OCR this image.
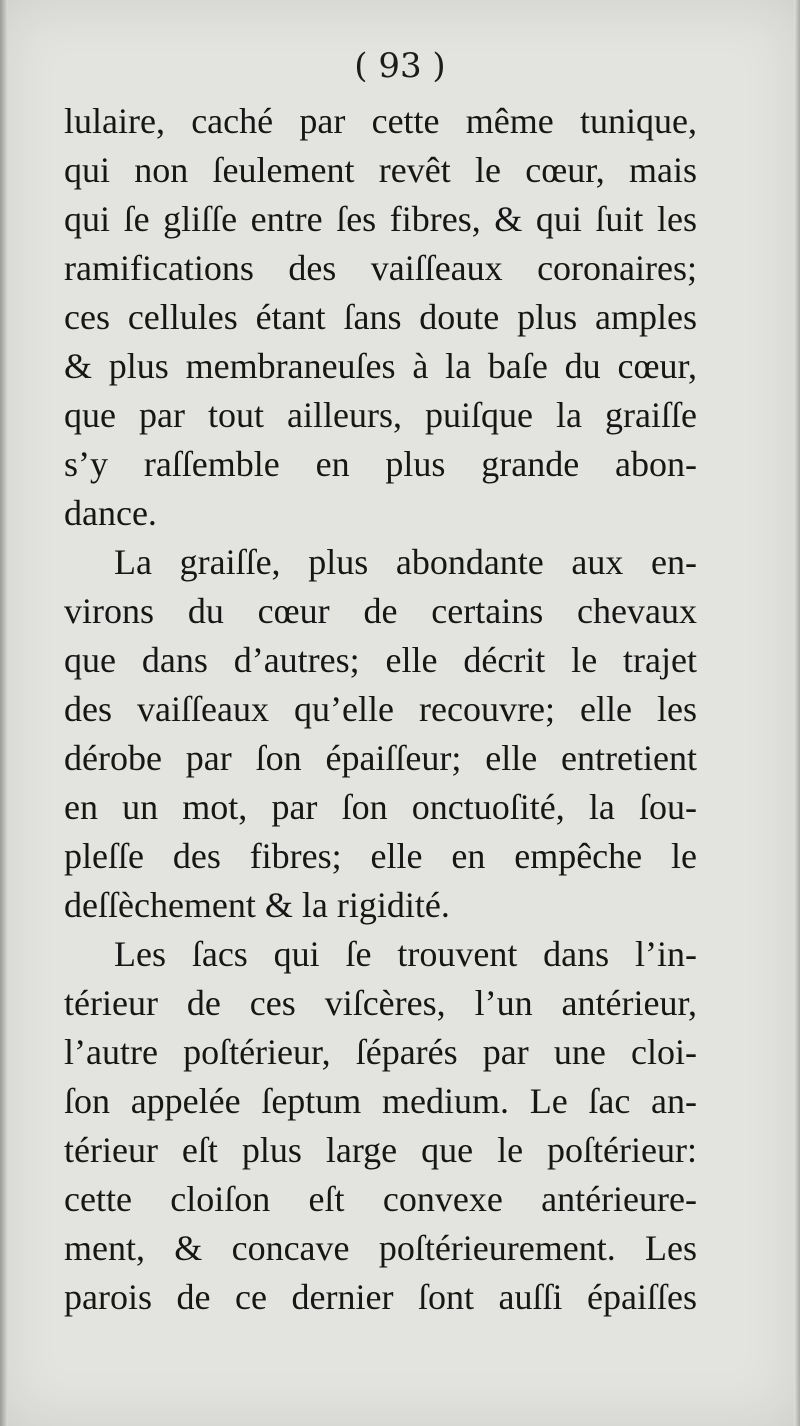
( 93 )
lulaire, caché par cette même tunique,
qui non ſeulement revêt le cœur, mais
qui ſe gliſſe entre ſes fibres, & qui ſuit les
ramifications des vaiſſeaux coronaires;
ces cellules étant ſans doute plus amples
& plus membraneuſes à la baſe du cœur,
que par tout ailleurs, puiſque la graiſſe
s’y raſſemble en plus grande abon-
dance.
La graiſſe, plus abondante aux en-
virons du cœur de certains chevaux
que dans d’autres; elle décrit le trajet
des vaiſſeaux qu’elle recouvre; elle les
dérobe par ſon épaiſſeur; elle entretient
en un mot, par ſon onctuoſité, la ſou-
pleſſe des fibres; elle en empêche le
deſſèchement & la rigidité.
Les ſacs qui ſe trouvent dans l’in-
térieur de ces viſcères, l’un antérieur,
l’autre poſtérieur, ſéparés par une cloi-
ſon appelée ſeptum medium. Le ſac an-
térieur eſt plus large que le poſtérieur:
cette cloiſon eſt convexe antérieure-
ment, & concave poſtérieurement. Les
parois de ce dernier ſont auſſi épaiſſes
